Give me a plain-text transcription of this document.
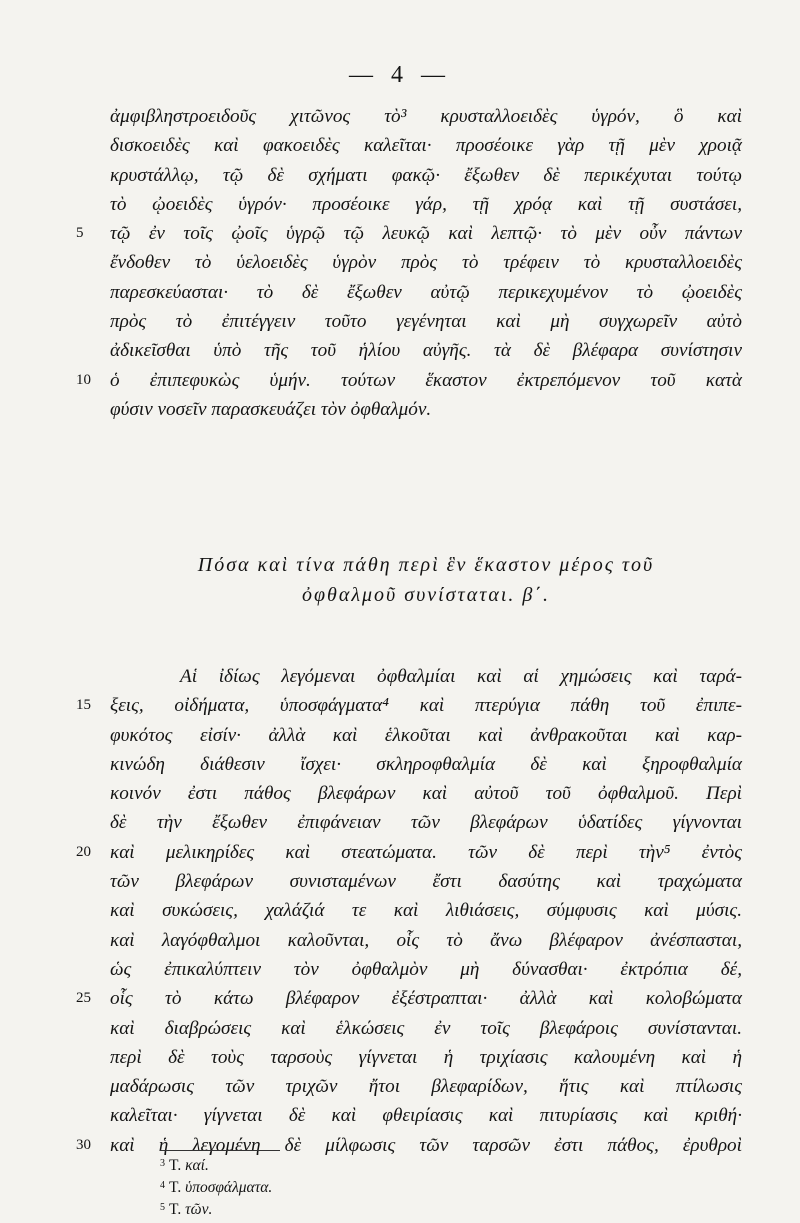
— 4 —
ἀμφιβληστροειδοῦς χιτῶνος τὸ³ κρυσταλλοειδὲς ὑγρόν, ὃ καὶ
δισκοειδὲς καὶ φακοειδὲς καλεῖται· προσέοικε γὰρ τῇ μὲν χροιᾷ
κρυστάλλῳ, τῷ δὲ σχήματι φακῷ· ἔξωθεν δὲ περικέχυται τούτῳ
τὸ ᾠοειδὲς ὑγρόν· προσέοικε γάρ, τῇ χρόᾳ καὶ τῇ συστάσει,
5 τῷ ἐν τοῖς ᾠοῖς ὑγρῷ τῷ λευκῷ καὶ λεπτῷ· τὸ μὲν οὖν πάντων
ἔνδοθεν τὸ ὑελοειδὲς ὑγρὸν πρὸς τὸ τρέφειν τὸ κρυσταλλοειδὲς
παρεσκεύασται· τὸ δὲ ἔξωθεν αὐτῷ περικεχυμένον τὸ ᾠοειδὲς
πρὸς τὸ ἐπιτέγγειν τοῦτο γεγένηται καὶ μὴ συγχωρεῖν αὐτὸ
ἀδικεῖσθαι ὑπὸ τῆς τοῦ ἡλίου αὐγῆς. τὰ δὲ βλέφαρα συνίστησιν
10 ὁ ἐπιπεφυκὼς ὑμήν. τούτων ἕκαστον ἐκτρεπόμενον τοῦ κατὰ
φύσιν νοσεῖν παρασκευάζει τὸν ὀφθαλμόν.
Πόσα καὶ τίνα πάθη περὶ ἓν ἕκαστον μέρος τοῦ
ὀφθαλμοῦ συνίσταται. β΄.
Αἱ ἰδίως λεγόμεναι ὀφθαλμίαι καὶ αἱ χημώσεις καὶ ταρά-
15 ξεις, οἰδήματα, ὑποσφάγματα⁴ καὶ πτερύγια πάθη τοῦ ἐπιπε-
φυκότος εἰσίν· ἀλλὰ καὶ ἑλκοῦται καὶ ἀνθρακοῦται καὶ καρ-
κινώδη διάθεσιν ἴσχει· σκληροφθαλμία δὲ καὶ ξηροφθαλμία
κοινόν ἐστι πάθος βλεφάρων καὶ αὐτοῦ τοῦ ὀφθαλμοῦ. Περὶ
δὲ τὴν ἔξωθεν ἐπιφάνειαν τῶν βλεφάρων ὑδατίδες γίγνονται
20 καὶ μελικηρίδες καὶ στεατώματα. τῶν δὲ περὶ τὴν⁵ ἐντὸς
τῶν βλεφάρων συνισταμένων ἔστι δασύτης καὶ τραχώματα
καὶ συκώσεις, χαλάζιά τε καὶ λιθιάσεις, σύμφυσις καὶ μύσις.
καὶ λαγόφθαλμοι καλοῦνται, οἷς τὸ ἄνω βλέφαρον ἀνέσπασται,
ὡς ἐπικαλύπτειν τὸν ὀφθαλμὸν μὴ δύνασθαι· ἐκτρόπια δέ,
25 οἷς τὸ κάτω βλέφαρον ἐξέστραπται· ἀλλὰ καὶ κολοβώματα
καὶ διαβρώσεις καὶ ἑλκώσεις ἐν τοῖς βλεφάροις συνίστανται.
περὶ δὲ τοὺς ταρσοὺς γίγνεται ἡ τριχίασις καλουμένη καὶ ἡ
μαδάρωσις τῶν τριχῶν ἤτοι βλεφαρίδων, ἥτις καὶ πτίλωσις
καλεῖται· γίγνεται δὲ καὶ φθειρίασις καὶ πιτυρίασις καὶ κριθή·
30 καὶ ἡ λεγομένη δὲ μίλφωσις τῶν ταρσῶν ἐστι πάθος, ἐρυθροὶ
$^3$ T. καί.
$^4$ T. ὑποσφάλματα.
$^5$ T. τῶν.
